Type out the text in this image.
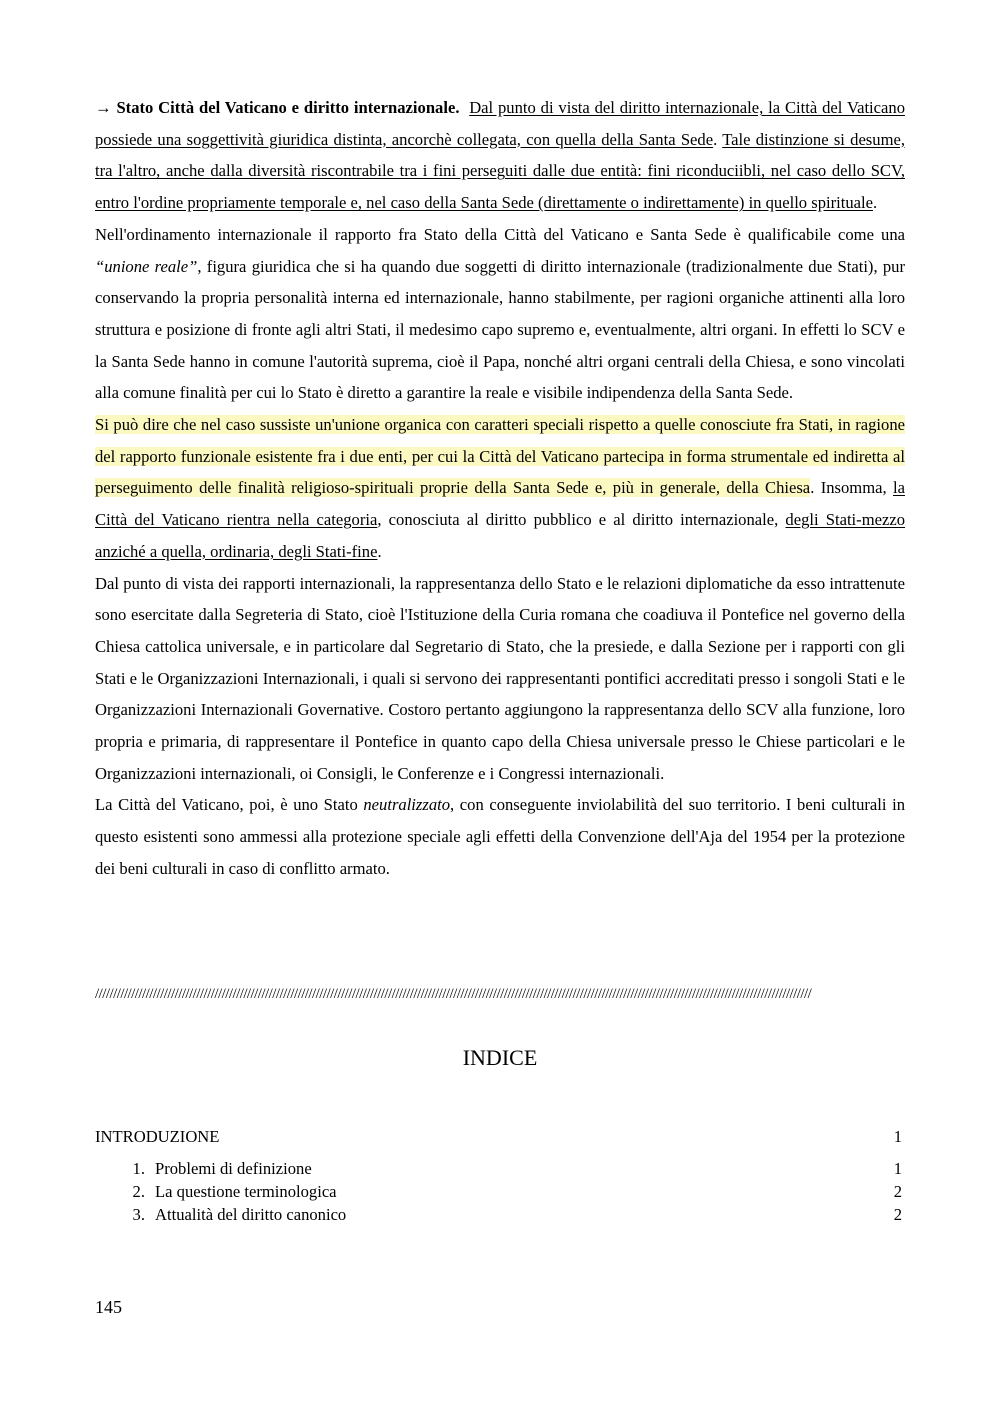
→ Stato Città del Vaticano e diritto internazionale. Dal punto di vista del diritto internazionale, la Città del Vaticano possiede una soggettività giuridica distinta, ancorchè collegata, con quella della Santa Sede. Tale distinzione si desume, tra l'altro, anche dalla diversità riscontrabile tra i fini perseguiti dalle due entità: fini riconduciibli, nel caso dello SCV, entro l'ordine propriamente temporale e, nel caso della Santa Sede (direttamente o indirettamente) in quello spirituale.

Nell'ordinamento internazionale il rapporto fra Stato della Città del Vaticano e Santa Sede è qualificabile come una “unione reale”, figura giuridica che si ha quando due soggetti di diritto internazionale (tradizionalmente due Stati), pur conservando la propria personalità interna ed internazionale, hanno stabilmente, per ragioni organiche attinenti alla loro struttura e posizione di fronte agli altri Stati, il medesimo capo supremo e, eventualmente, altri organi. In effetti lo SCV e la Santa Sede hanno in comune l'autorità suprema, cioè il Papa, nonché altri organi centrali della Chiesa, e sono vincolati alla comune finalità per cui lo Stato è diretto a garantire la reale e visibile indipendenza della Santa Sede.

Si può dire che nel caso sussiste un'unione organica con caratteri speciali rispetto a quelle conosciute fra Stati, in ragione del rapporto funzionale esistente fra i due enti, per cui la Città del Vaticano partecipa in forma strumentale ed indiretta al perseguimento delle finalità religioso-spirituali proprie della Santa Sede e, più in generale, della Chiesa. Insomma, la Città del Vaticano rientra nella categoria, conosciuta al diritto pubblico e al diritto internazionale, degli Stati-mezzo anziché a quella, ordinaria, degli Stati-fine.

Dal punto di vista dei rapporti internazionali, la rappresentanza dello Stato e le relazioni diplomatiche da esso intrattenute sono esercitate dalla Segreteria di Stato, cioè l'Istituzione della Curia romana che coadiuva il Pontefice nel governo della Chiesa cattolica universale, e in particolare dal Segretario di Stato, che la presiede, e dalla Sezione per i rapporti con gli Stati e le Organizzazioni Internazionali, i quali si servono dei rappresentanti pontifici accreditati presso i songoli Stati e le Organizzazioni Internazionali Governative. Costoro pertanto aggiungono la rappresentanza dello SCV alla funzione, loro propria e primaria, di rappresentare il Pontefice in quanto capo della Chiesa universale presso le Chiese particolari e le Organizzazioni internazionali, oi Consigli, le Conferenze e i Congressi internazionali.

La Città del Vaticano, poi, è uno Stato neutralizzato, con conseguente inviolabilità del suo territorio. I beni culturali in questo esistenti sono ammessi alla protezione speciale agli effetti della Convenzione dell'Aja del 1954 per la protezione dei beni culturali in caso di conflitto armato.

//////////////////////////////////////////////////////////////////////////////////////////////////////////////////////////////////////////////////////////////////////////////////////////////////////
INDICE
INTRODUZIONE	1
1. Problemi di definizione	1
2. La questione terminologica	2
3. Attualità del diritto canonico	2
145
